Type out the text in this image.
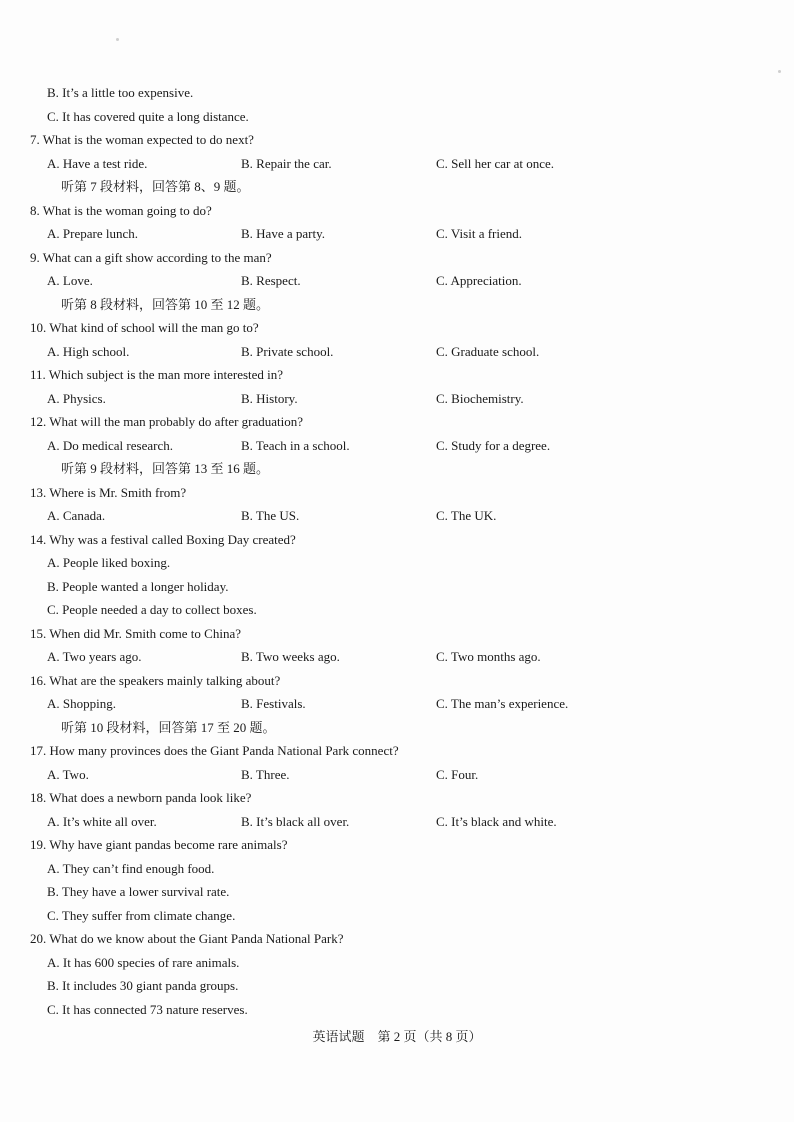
B. It’s a little too expensive.
C. It has covered quite a long distance.
7. What is the woman expected to do next?
A. Have a test ride.	B. Repair the car.	C. Sell her car at once.
听第 7 段材料，回答第 8、9 题。
8. What is the woman going to do?
A. Prepare lunch.	B. Have a party.	C. Visit a friend.
9. What can a gift show according to the man?
A. Love.	B. Respect.	C. Appreciation.
听第 8 段材料，回答第 10 至 12 题。
10. What kind of school will the man go to?
A. High school.	B. Private school.	C. Graduate school.
11. Which subject is the man more interested in?
A. Physics.	B. History.	C. Biochemistry.
12. What will the man probably do after graduation?
A. Do medical research.	B. Teach in a school.	C. Study for a degree.
听第 9 段材料，回答第 13 至 16 题。
13. Where is Mr. Smith from?
A. Canada.	B. The US.	C. The UK.
14. Why was a festival called Boxing Day created?
A. People liked boxing.
B. People wanted a longer holiday.
C. People needed a day to collect boxes.
15. When did Mr. Smith come to China?
A. Two years ago.	B. Two weeks ago.	C. Two months ago.
16. What are the speakers mainly talking about?
A. Shopping.	B. Festivals.	C. The man’s experience.
听第 10 段材料，回答第 17 至 20 题。
17. How many provinces does the Giant Panda National Park connect?
A. Two.	B. Three.	C. Four.
18. What does a newborn panda look like?
A. It’s white all over.	B. It’s black all over.	C. It’s black and white.
19. Why have giant pandas become rare animals?
A. They can’t find enough food.
B. They have a lower survival rate.
C. They suffer from climate change.
20. What do we know about the Giant Panda National Park?
A. It has 600 species of rare animals.
B. It includes 30 giant panda groups.
C. It has connected 73 nature reserves.
英语试题　第 2 页（共 8 页）
